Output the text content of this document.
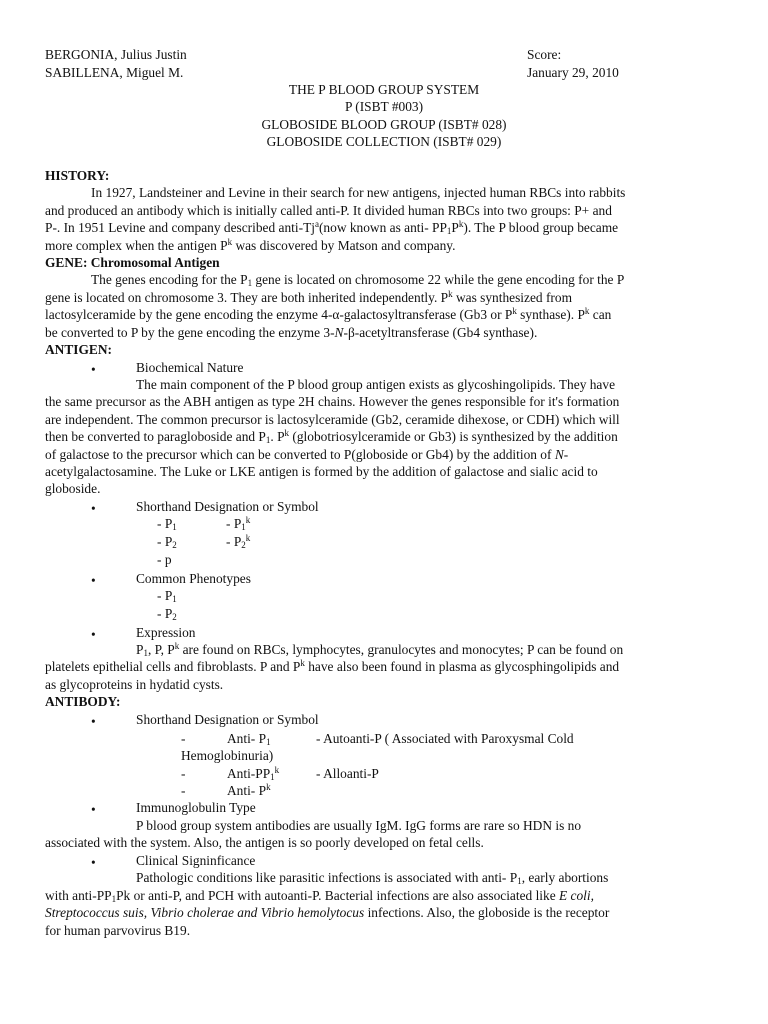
BERGONIA, Julius Justin
SABILLENA, Miguel M.
Score:
January 29, 2010
THE P BLOOD GROUP SYSTEM
P (ISBT #003)
GLOBOSIDE BLOOD GROUP (ISBT# 028)
GLOBOSIDE COLLECTION (ISBT# 029)
HISTORY:
In 1927, Landsteiner and Levine in their search for new antigens, injected human RBCs into rabbits
and produced an antibody which is initially called anti-P. It divided human RBCs into two groups: P+ and
P-. In 1951 Levine and company described anti-Tj$^a$(now known as anti- $PP_1P^k$). The P blood group became
more complex when the antigen $P^k$ was discovered by Matson and company.
GENE: Chromosomal Antigen
The genes encoding for the $P_1$ gene is located on chromosome 22 while the gene encoding for the P
gene is located on chromosome 3. They are both inherited independently. $P^k$ was synthesized from
lactosylceramide by the gene encoding the enzyme 4-α-galactosyltransferase (Gb3 or $P^k$ synthase). $P^k$ can
be converted to P by the gene encoding the enzyme 3-N-β-acetyltransferase (Gb4 synthase).
ANTIGEN:
•	Biochemical Nature
The main component of the P blood group antigen exists as glycoshingolipids. They have
the same precursor as the ABH antigen as type 2H chains. However the genes responsible for it's formation
are independent. The common precursor is lactosylceramide (Gb2, ceramide dihexose, or CDH) which will
then be converted to paragloboside and $P_1$. $P^k$ (globotriosylceramide or Gb3) is synthesized by the addition
of galactose to the precursor which can be converted to P(globoside or Gb4) by the addition of N-
acetylgalactosamine. The Luke or LKE antigen is formed by the addition of galactose and sialic acid to
globoside.
•	Shorthand Designation or Symbol
- $P_1$	- $P_1^k$
- $P_2$	- $P_2^k$
- p
•	Common Phenotypes
- $P_1$
- $P_2$
•	Expression
$P_1$, P, $P^k$ are found on RBCs, lymphocytes, granulocytes and monocytes; P can be found on
platelets epithelial cells and fibroblasts. P and $P^k$ have also been found in plasma as glycosphingolipids and
as glycoproteins in hydatid cysts.
ANTIBODY:
•	Shorthand Designation or Symbol
-	Anti- $P_1$	- Autoanti-P ( Associated with Paroxysmal Cold
Hemoglobinuria)
-	Anti-$PP_1^k$	- Alloanti-P
-	Anti- $P^k$
•	Immunoglobulin Type
P blood group system antibodies are usually IgM. IgG forms are rare so HDN is no
associated with the system. Also, the antigen is so poorly developed on fetal cells.
•	Clinical Signinficance
Pathologic conditions like parasitic infections is associated with anti- $P_1$, early abortions
with anti-$PP_1Pk$ or anti-P, and PCH with autoanti-P. Bacterial infections are also associated like E coli,
Streptococcus suis, Vibrio cholerae and Vibrio hemolytocus infections. Also, the globoside is the receptor
for human parvovirus B19.
